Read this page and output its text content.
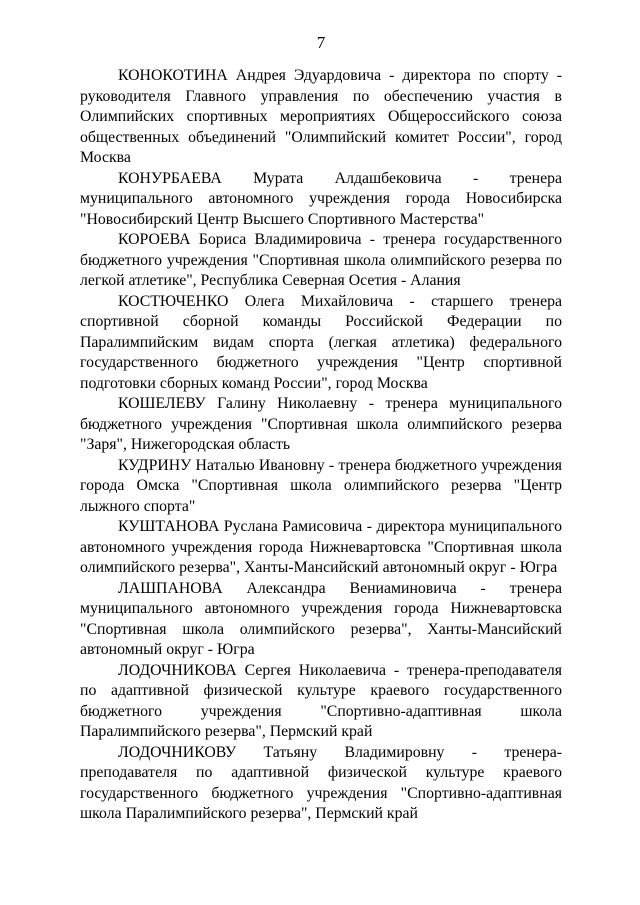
7

КОНОКОТИНА Андрея Эдуардовича - директора по спорту - руководителя Главного управления по обеспечению участия в Олимпийских спортивных мероприятиях Общероссийского союза общественных объединений "Олимпийский комитет России", город Москва

КОНУРБАЕВА Мурата Алдашбековича - тренера муниципального автономного учреждения города Новосибирска "Новосибирский Центр Высшего Спортивного Мастерства"

КОРОЕВА Бориса Владимировича - тренера государственного бюджетного учреждения "Спортивная школа олимпийского резерва по легкой атлетике", Республика Северная Осетия - Алания

КОСТЮЧЕНКО Олега Михайловича - старшего тренера спортивной сборной команды Российской Федерации по Паралимпийским видам спорта (легкая атлетика) федерального государственного бюджетного учреждения "Центр спортивной подготовки сборных команд России", город Москва

КОШЕЛЕВУ Галину Николаевну - тренера муниципального бюджетного учреждения "Спортивная школа олимпийского резерва "Заря", Нижегородская область

КУДРИНУ Наталью Ивановну - тренера бюджетного учреждения города Омска "Спортивная школа олимпийского резерва "Центр лыжного спорта"

КУШТАНОВА Руслана Рамисовича - директора муниципального автономного учреждения города Нижневартовска "Спортивная школа олимпийского резерва", Ханты-Мансийский автономный округ - Югра

ЛАШПАНОВА Александра Вениаминовича - тренера муниципального автономного учреждения города Нижневартовска "Спортивная школа олимпийского резерва", Ханты-Мансийский автономный округ - Югра

ЛОДОЧНИКОВА Сергея Николаевича - тренера-преподавателя по адаптивной физической культуре краевого государственного бюджетного учреждения "Спортивно-адаптивная школа Паралимпийского резерва", Пермский край

ЛОДОЧНИКОВУ Татьяну Владимировну - тренера-преподавателя по адаптивной физической культуре краевого государственного бюджетного учреждения "Спортивно-адаптивная школа Паралимпийского резерва", Пермский край
